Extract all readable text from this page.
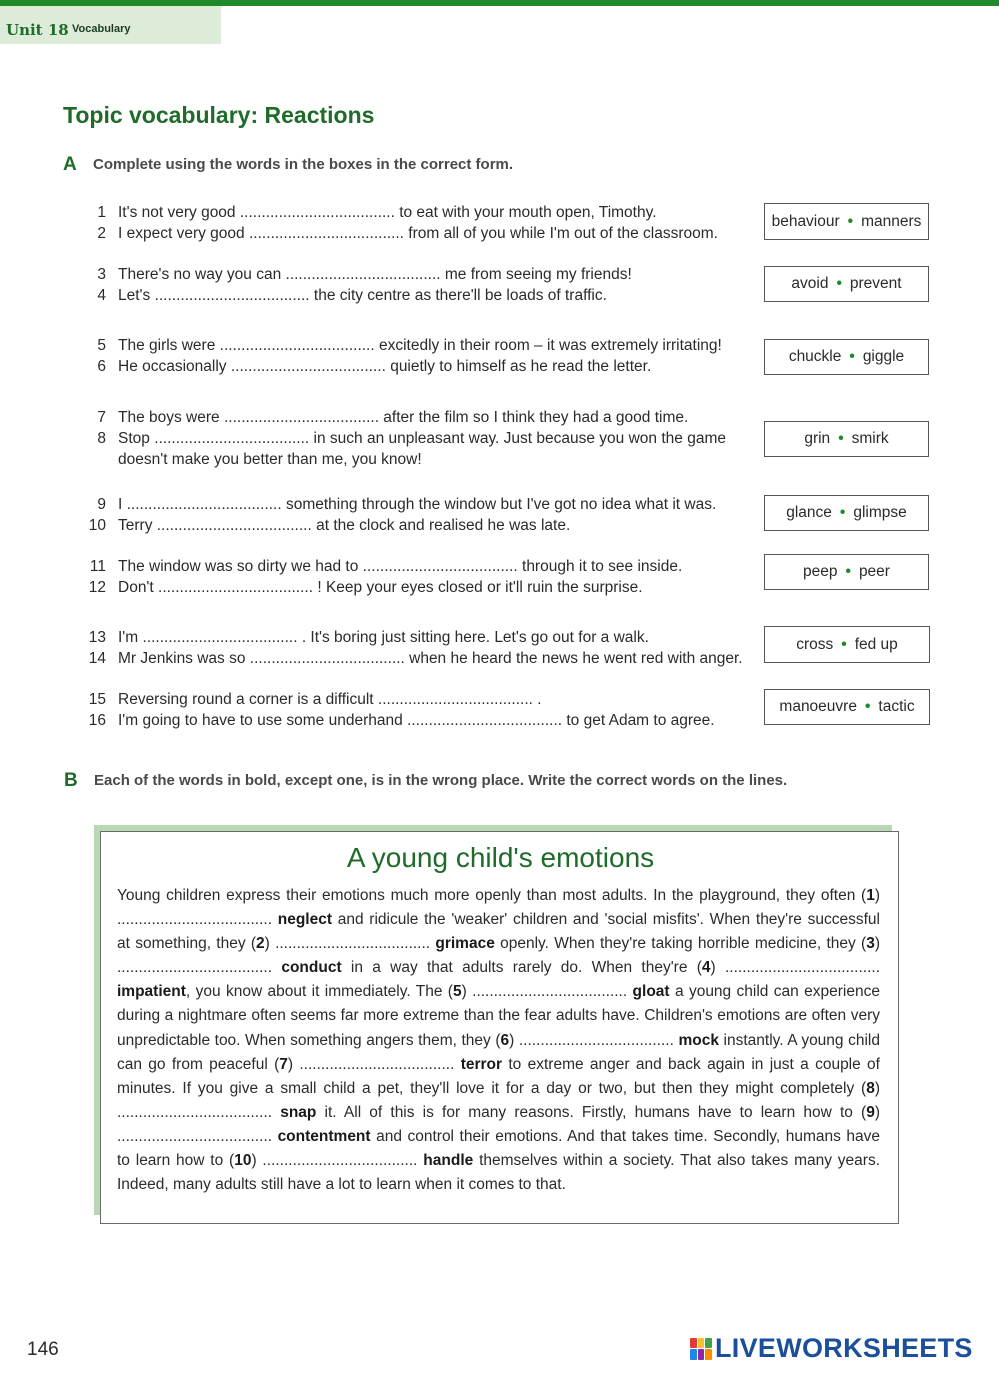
Unit 18 Vocabulary
Topic vocabulary: Reactions
A Complete using the words in the boxes in the correct form.
1 It's not very good .................................... to eat with your mouth open, Timothy.
2 I expect very good .................................... from all of you while I'm out of the classroom.
3 There's no way you can .................................... me from seeing my friends!
4 Let's .................................... the city centre as there'll be loads of traffic.
5 The girls were .................................... excitedly in their room – it was extremely irritating!
6 He occasionally .................................... quietly to himself as he read the letter.
7 The boys were .................................... after the film so I think they had a good time.
8 Stop .................................... in such an unpleasant way. Just because you won the game
doesn't make you better than me, you know!
9 I .................................... something through the window but I've got no idea what it was.
10 Terry .................................... at the clock and realised he was late.
11 The window was so dirty we had to .................................... through it to see inside.
12 Don't .................................... ! Keep your eyes closed or it'll ruin the surprise.
13 I'm .................................... . It's boring just sitting here. Let's go out for a walk.
14 Mr Jenkins was so .................................... when he heard the news he went red with anger.
15 Reversing round a corner is a difficult .................................... .
16 I'm going to have to use some underhand .................................... to get Adam to agree.
behaviour • manners
avoid • prevent
chuckle • giggle
grin • smirk
glance • glimpse
peep • peer
cross • fed up
manoeuvre • tactic
B Each of the words in bold, except one, is in the wrong place. Write the correct words on the lines.
A young child's emotions
Young children express their emotions much more openly than most adults. In the playground, they often (1) .................................... neglect and ridicule the 'weaker' children and 'social misfits'. When they're successful at something, they (2) .................................... grimace openly. When they're taking horrible medicine, they (3) .................................... conduct in a way that adults rarely do. When they're (4) .................................... impatient, you know about it immediately. The (5) .................................... gloat a young child can experience during a nightmare often seems far more extreme than the fear adults have. Children's emotions are often very unpredictable too. When something angers them, they (6) .................................... mock instantly. A young child can go from peaceful (7) .................................... terror to extreme anger and back again in just a couple of minutes. If you give a small child a pet, they'll love it for a day or two, but then they might completely (8) .................................... snap it. All of this is for many reasons. Firstly, humans have to learn how to (9) .................................... contentment and control their emotions. And that takes time. Secondly, humans have to learn how to (10) .................................... handle themselves within a society. That also takes many years. Indeed, many adults still have a lot to learn when it comes to that.
146	LIVEWORKSHEETS
